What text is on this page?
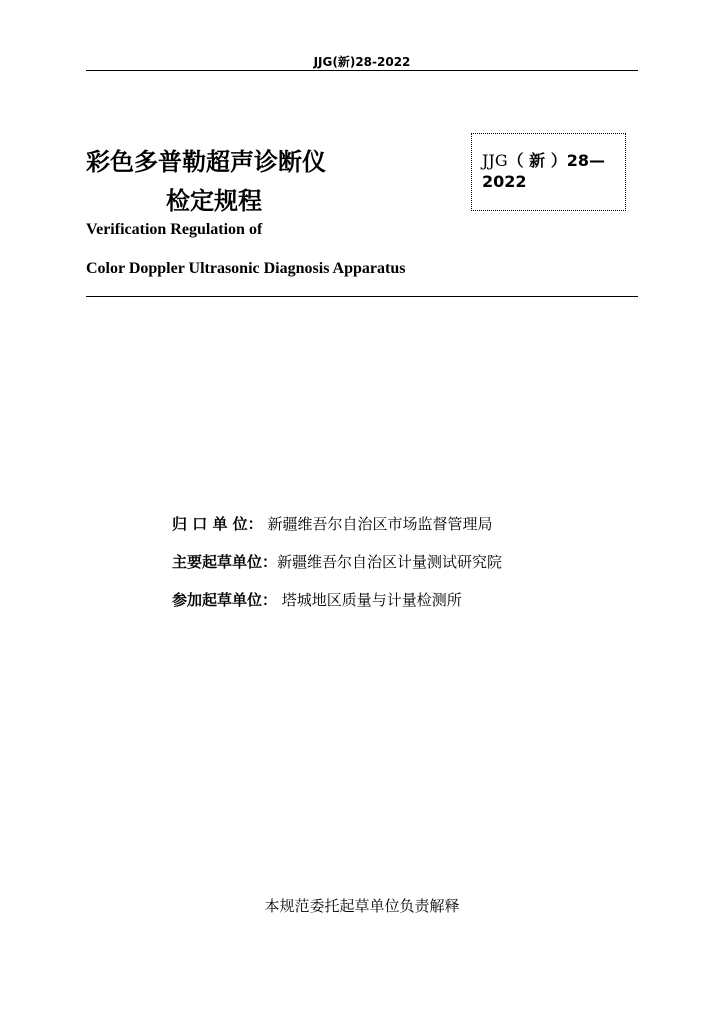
JJG(新)28-2022
彩色多普勒超声诊断仪
检定规程
JJG（ 新 ）28—
2022
Verification Regulation of
Color Doppler Ultrasonic Diagnosis Apparatus
归 口 单 位： 新疆维吾尔自治区市场监督管理局
主要起草单位：新疆维吾尔自治区计量测试研究院
参加起草单位： 塔城地区质量与计量检测所
本规范委托起草单位负责解释
